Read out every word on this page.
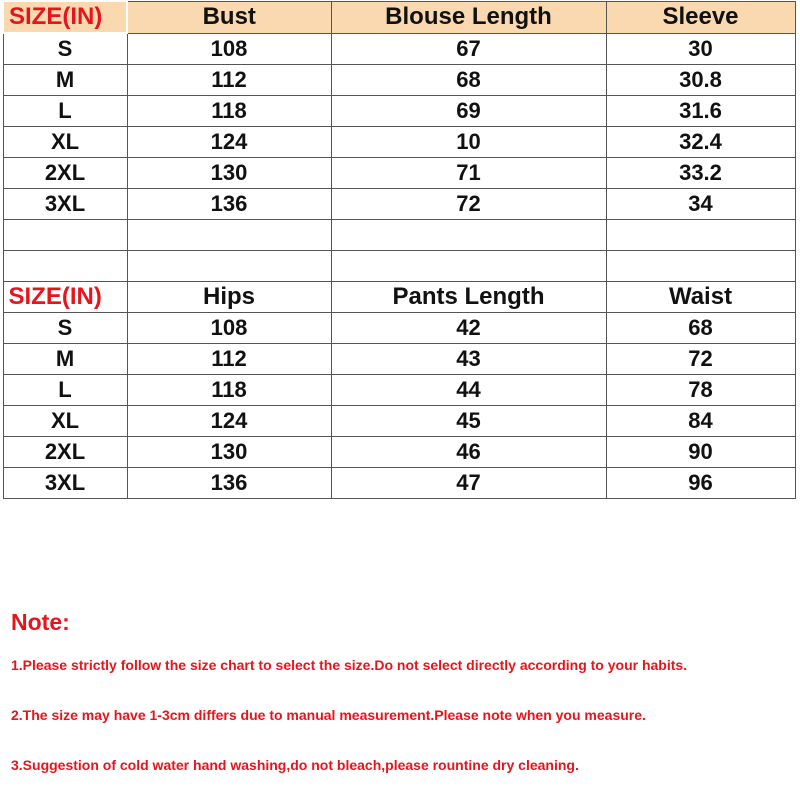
SIZE(IN)	Bust	Blouse Length	Sleeve
S	108	67	30
M	112	68	30.8
L	118	69	31.6
XL	124	10	32.4
2XL	130	71	33.2
3XL	136	72	34

SIZE(IN)	Hips	Pants Length	Waist
S	108	42	68
M	112	43	72
L	118	44	78
XL	124	45	84
2XL	130	46	90
3XL	136	47	96

Note:

1.Please strictly follow the size chart to select the size.Do not select directly according to your habits.

2.The size may have 1-3cm differs due to manual measurement.Please note when you measure.

3.Suggestion of cold water hand washing,do not bleach,please rountine dry cleaning.
